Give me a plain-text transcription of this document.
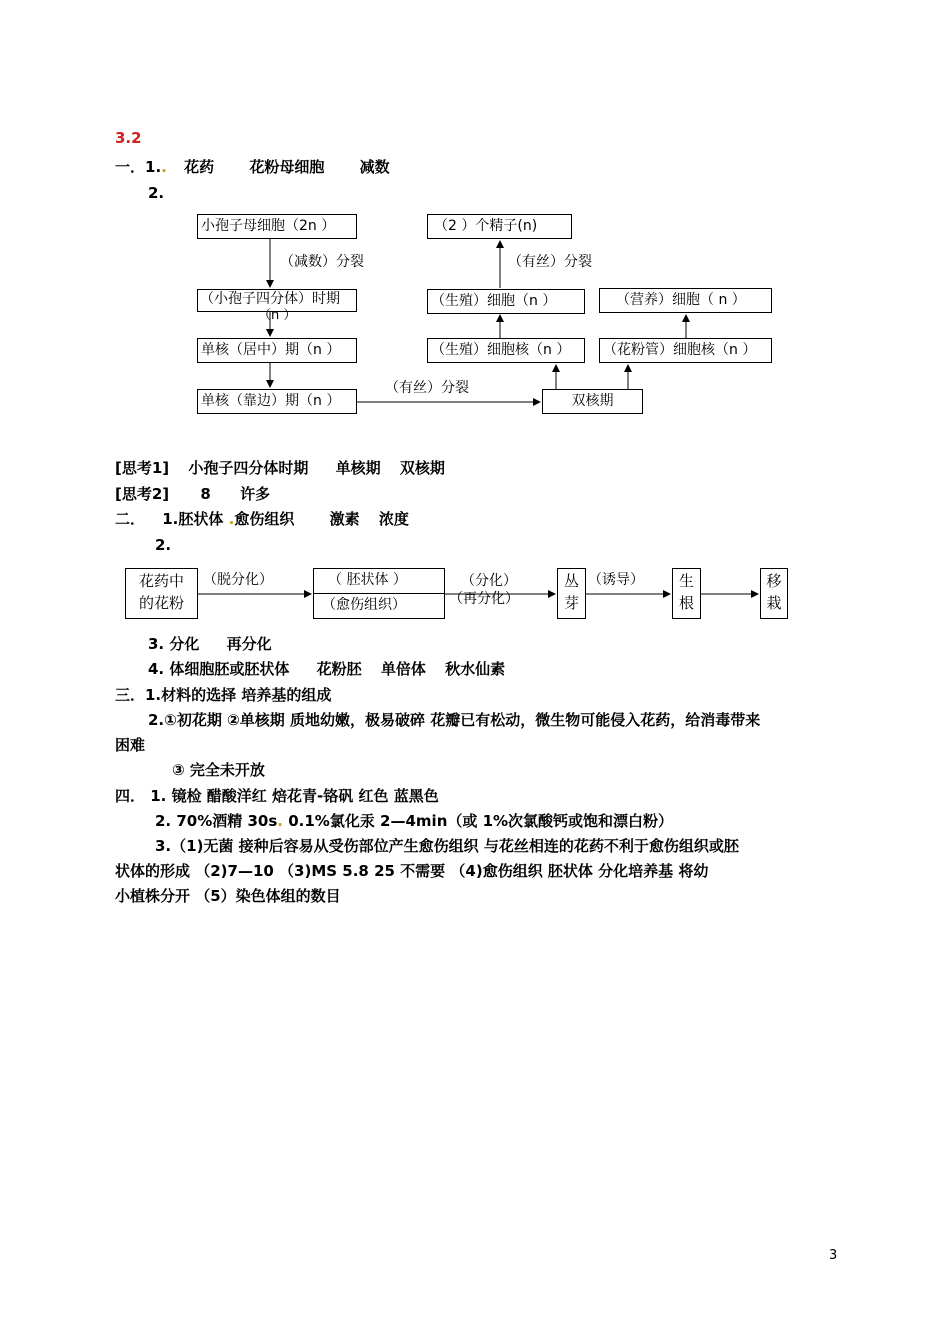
3.2
一．1.. 花药 花粉母细胞 减数
2.
小孢子母细胞（2n ）
（减数）分裂
（小孢子四分体）时期
（n ）
单核（居中）期（n ）
单核（靠边）期（n ）
（有丝）分裂
双核期
（2 ）个精子(n)
（有丝）分裂
（生殖）细胞（n ）	（营养）细胞（ n ）
（生殖）细胞核（n ）	（花粉管）细胞核（n ）
[思考1] 小孢子四分体时期 单核期 双核期
[思考2] 8 许多
二． 1.胚状体 .愈伤组织 激素 浓度
2.
花药中
的花粉
（脱分化）	（ 胚状体 ）
（愈伤组织）
（分化）
（再分化）
丛
芽
（诱导）	生
根
移
栽
3. 分化 再分化
4. 体细胞胚或胚状体 花粉胚 单倍体 秋水仙素
三．1.材料的选择 培养基的组成
2.①初花期 ②单核期 质地幼嫩，极易破碎 花瓣已有松动，微生物可能侵入花药，给消毒带来
困难
③ 完全未开放
四． 1. 镜检 醋酸洋红 焙花青-铬矾 红色 蓝黑色
2. 70%酒精 30s. 0.1%氯化汞 2—4min（或 1%次氯酸钙或饱和漂白粉）
3.（1)无菌 接种后容易从受伤部位产生愈伤组织 与花丝相连的花药不利于愈伤组织或胚
状体的形成 （2)7—10 （3)MS 5.8 25 不需要 （4)愈伤组织 胚状体 分化培养基 将幼
小植株分开 （5）染色体组的数目
3
